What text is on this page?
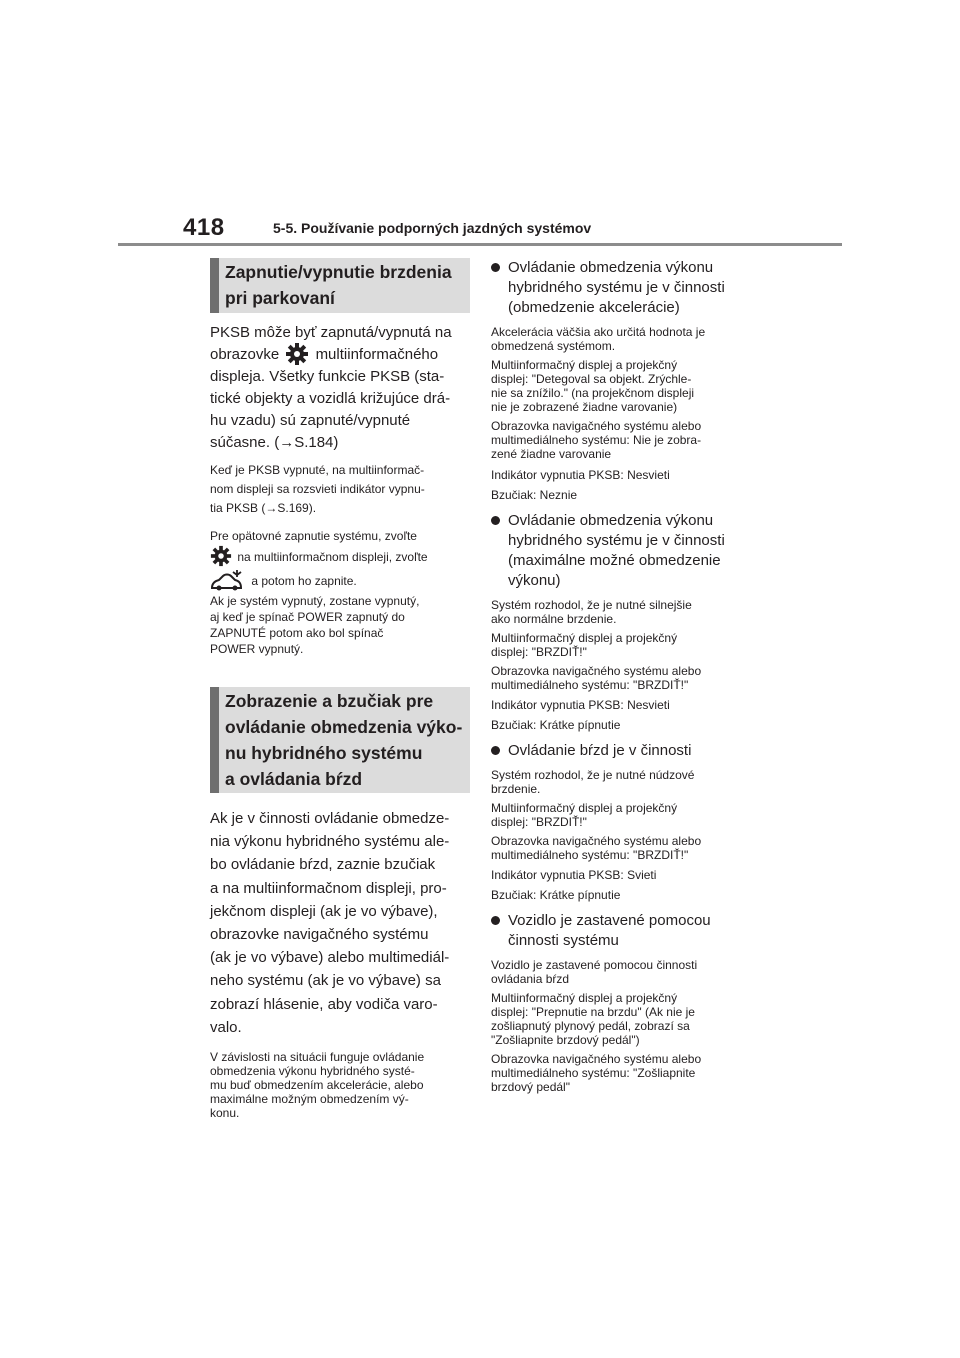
418	5-5. Používanie podporných jazdných systémov
Zapnutie/vypnutie brzdenia
pri parkovaní
PKSB môže byť zapnutá/vypnutá na
obrazovke multiinformačného
displeja. Všetky funkcie PKSB (sta-
tické objekty a vozidlá križujúce drá-
hu vzadu) sú zapnuté/vypnuté
súčasne. (→S.184)
Keď je PKSB vypnuté, na multiinformač-
nom displeji sa rozsvieti indikátor vypnu-
tia PKSB (→S.169).
Pre opätovné zapnutie systému, zvoľte
na multiinformačnom displeji, zvoľte
a potom ho zapnite.
Ak je systém vypnutý, zostane vypnutý,
aj keď je spínač POWER zapnutý do
ZAPNUTÉ potom ako bol spínač
POWER vypnutý.
Zobrazenie a bzučiak pre
ovládanie obmedzenia výko-
nu hybridného systému
a ovládania bŕzd
Ak je v činnosti ovládanie obmedze-
nia výkonu hybridného systému ale-
bo ovládanie bŕzd, zaznie bzučiak
a na multiinformačnom displeji, pro-
jekčnom displeji (ak je vo výbave),
obrazovke navigačného systému
(ak je vo výbave) alebo multimediál-
neho systému (ak je vo výbave) sa
zobrazí hlásenie, aby vodiča varo-
valo.
V závislosti na situácii funguje ovládanie
obmedzenia výkonu hybridného systé-
mu buď obmedzením akcelerácie, alebo
maximálne možným obmedzením vý-
konu.
Ovládanie obmedzenia výkonu
hybridného systému je v činnosti
(obmedzenie akcelerácie)
Akcelerácia väčšia ako určitá hodnota je
obmedzená systémom.
Multiinformačný displej a projekčný
displej: "Detegoval sa objekt. Zrýchle-
nie sa znížilo." (na projekčnom displeji
nie je zobrazené žiadne varovanie)
Obrazovka navigačného systému alebo
multimediálneho systému: Nie je zobra-
zené žiadne varovanie
Indikátor vypnutia PKSB: Nesvieti
Bzučiak: Neznie
Ovládanie obmedzenia výkonu
hybridného systému je v činnosti
(maximálne možné obmedzenie
výkonu)
Systém rozhodol, že je nutné silnejšie
ako normálne brzdenie.
Multiinformačný displej a projekčný
displej: "BRZDIŤ!"
Obrazovka navigačného systému alebo
multimediálneho systému: "BRZDIŤ!"
Indikátor vypnutia PKSB: Nesvieti
Bzučiak: Krátke pípnutie
Ovládanie bŕzd je v činnosti
Systém rozhodol, že je nutné núdzové
brzdenie.
Multiinformačný displej a projekčný
displej: "BRZDIŤ!"
Obrazovka navigačného systému alebo
multimediálneho systému: "BRZDIŤ!"
Indikátor vypnutia PKSB: Svieti
Bzučiak: Krátke pípnutie
Vozidlo je zastavené pomocou
činnosti systému
Vozidlo je zastavené pomocou činnosti
ovládania bŕzd
Multiinformačný displej a projekčný
displej: "Prepnutie na brzdu" (Ak nie je
zošliapnutý plynový pedál, zobrazí sa
"Zošliapnite brzdový pedál")
Obrazovka navigačného systému alebo
multimediálneho systému: "Zošliapnite
brzdový pedál"
